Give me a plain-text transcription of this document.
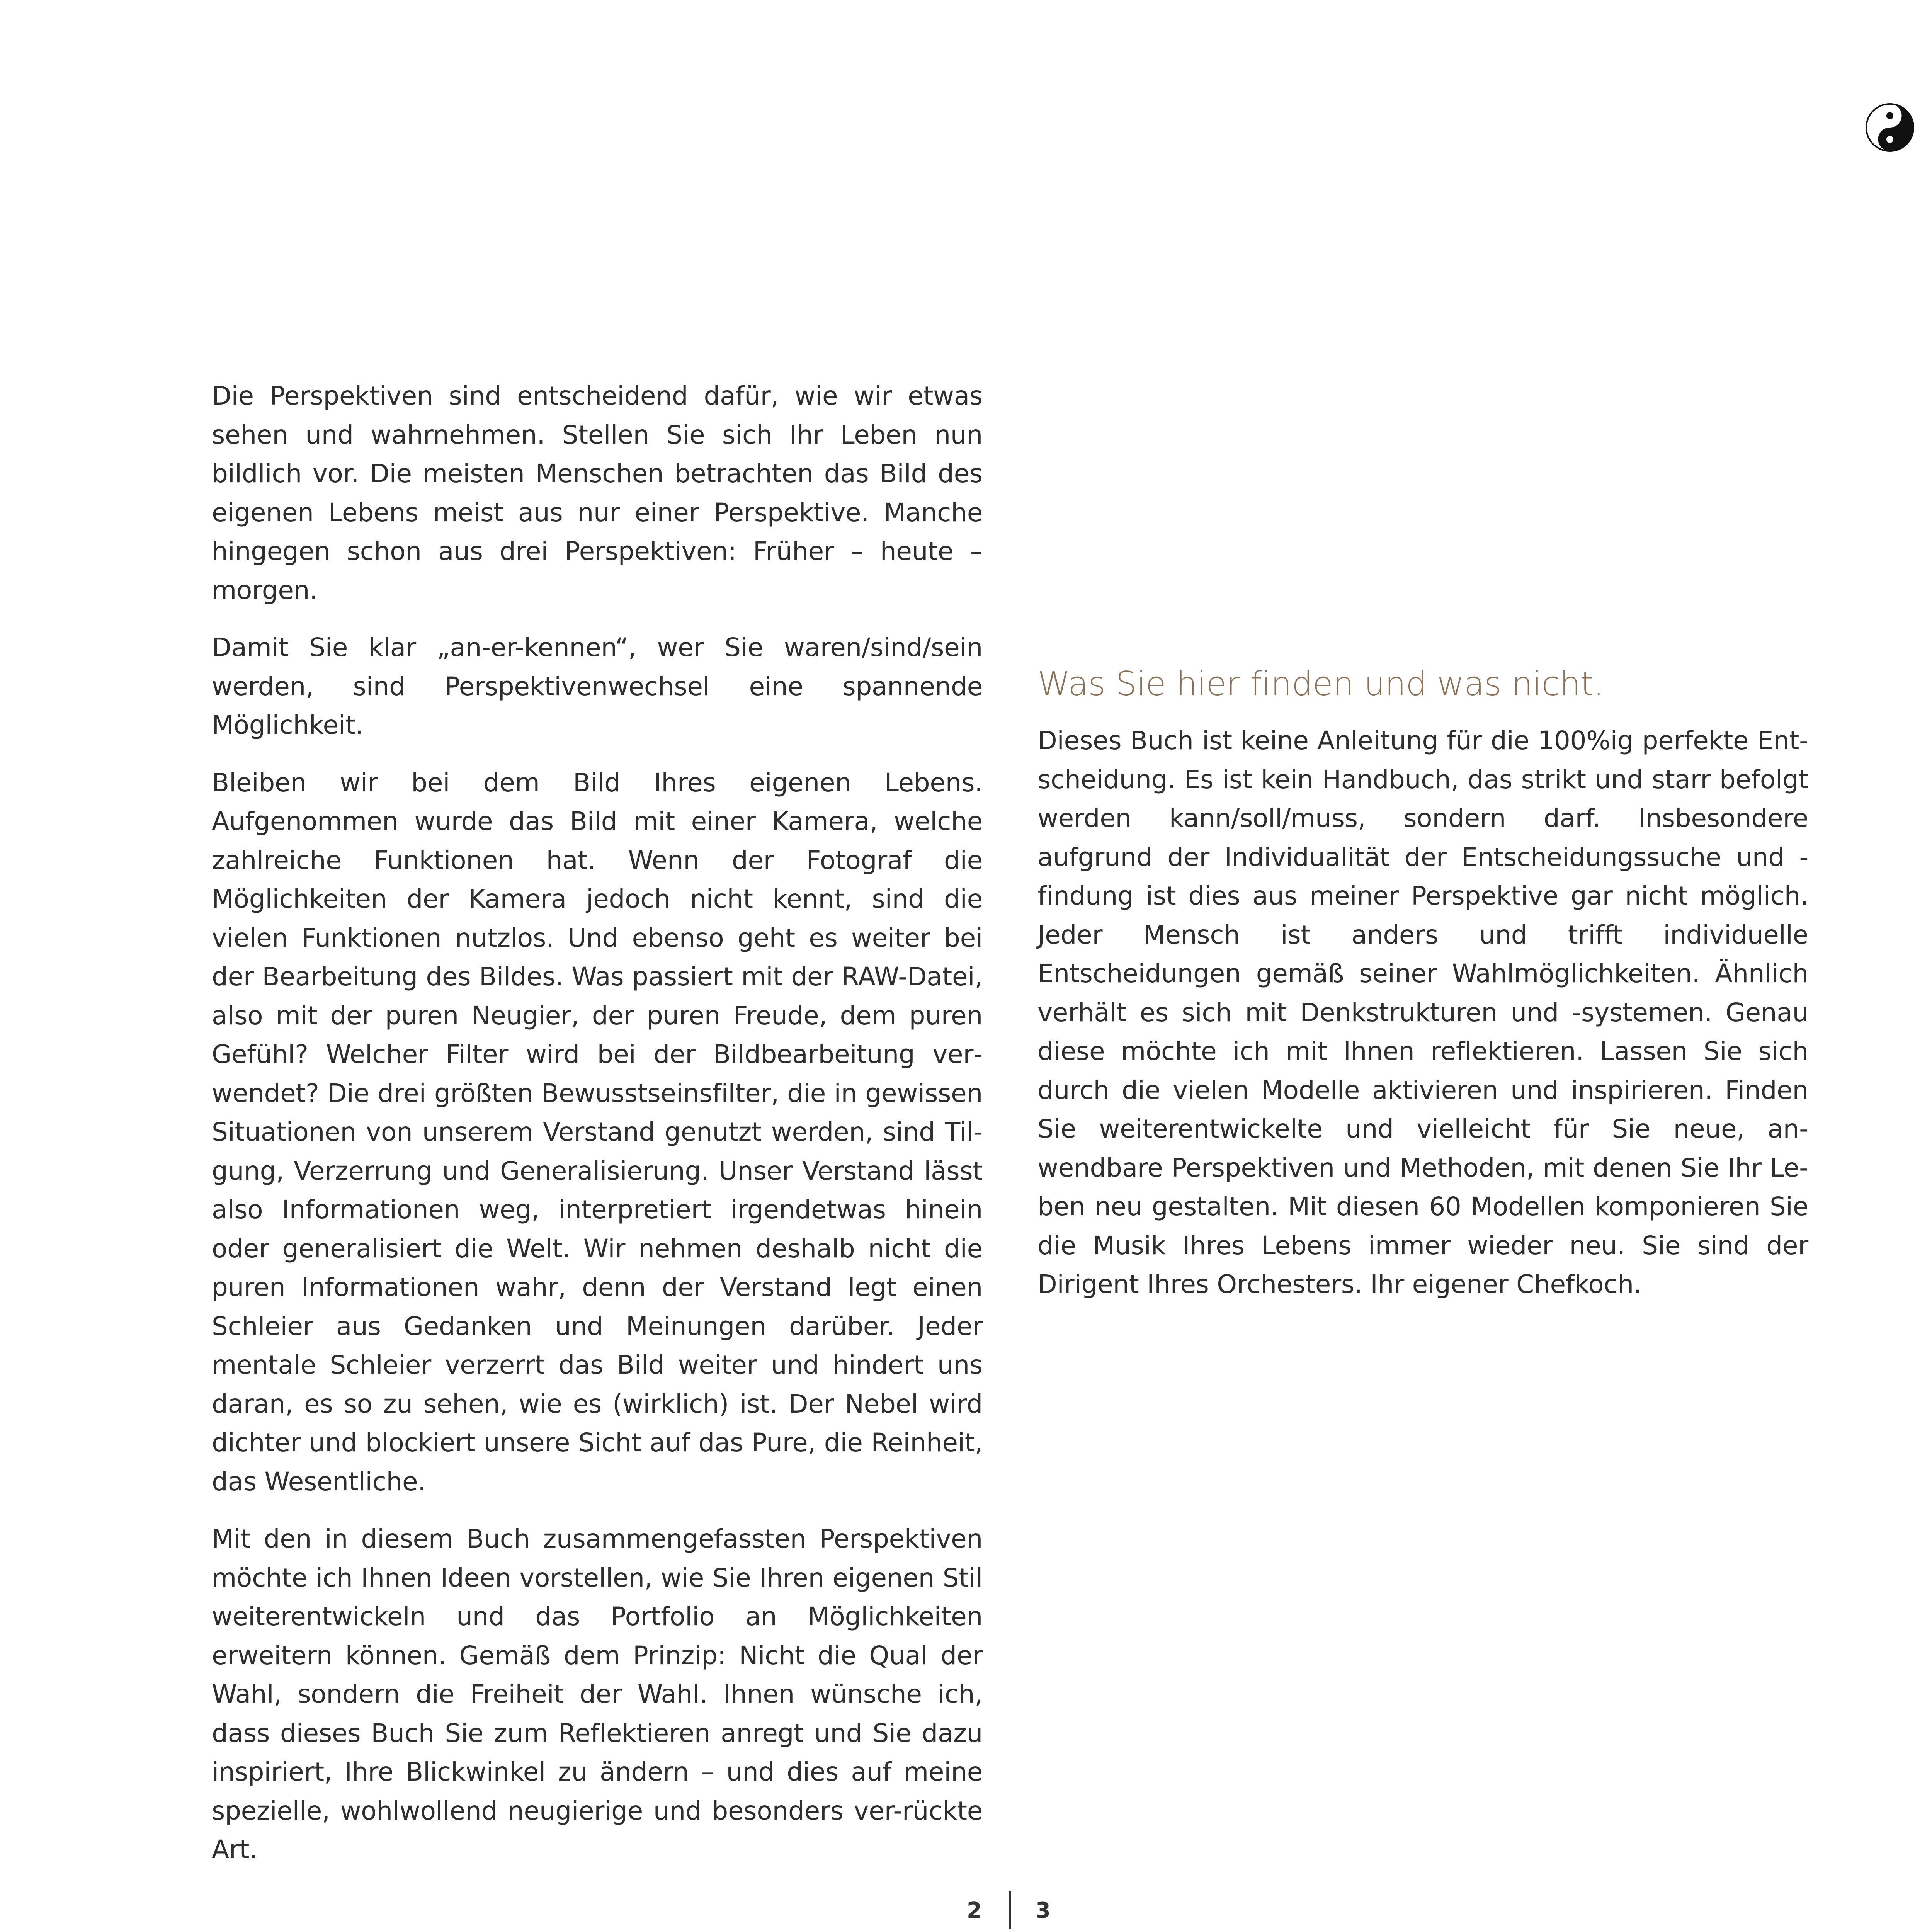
Die Perspektiven sind entscheidend dafür, wie wir etwas sehen und wahrnehmen. Stellen Sie sich Ihr Leben nun bildlich vor. Die meisten Menschen betrachten das Bild des eigenen Lebens meist aus nur einer Perspektive. Manche hingegen schon aus drei Perspektiven: Früher – heute – morgen.

Damit Sie klar „an-er-kennen“, wer Sie waren/sind/sein werden, sind Perspektivenwechsel eine spannende Möglichkeit.

Bleiben wir bei dem Bild Ihres eigenen Lebens. Aufgenommen wurde das Bild mit einer Kamera, welche zahlreiche Funktionen hat. Wenn der Fotograf die Möglichkeiten der Kamera jedoch nicht kennt, sind die vielen Funktionen nutzlos. Und ebenso geht es weiter bei der Bearbeitung des Bildes. Was passiert mit der RAW-Datei, also mit der puren Neugier, der puren Freude, dem puren Gefühl? Welcher Filter wird bei der Bildbearbeitung verwendet? Die drei größten Bewusstseinsfilter, die in gewissen Situationen von unserem Verstand genutzt werden, sind Tilgung, Verzerrung und Generalisierung. Unser Verstand lässt also Informationen weg, interpretiert irgendetwas hinein oder generalisiert die Welt. Wir nehmen deshalb nicht die puren Informationen wahr, denn der Verstand legt einen Schleier aus Gedanken und Meinungen darüber. Jeder mentale Schleier verzerrt das Bild weiter und hindert uns daran, es so zu sehen, wie es (wirklich) ist. Der Nebel wird dichter und blockiert unsere Sicht auf das Pure, die Reinheit, das Wesentliche.

Mit den in diesem Buch zusammengefassten Perspektiven möchte ich Ihnen Ideen vorstellen, wie Sie Ihren eigenen Stil weiterentwickeln und das Portfolio an Möglichkeiten erweitern können. Gemäß dem Prinzip: Nicht die Qual der Wahl, sondern die Freiheit der Wahl. Ihnen wünsche ich, dass dieses Buch Sie zum Reflektieren anregt und Sie dazu inspiriert, Ihre Blickwinkel zu ändern – und dies auf meine spezielle, wohlwollend neugierige und besonders ver-rückte Art.

Was Sie hier finden und was nicht.

Dieses Buch ist keine Anleitung für die 100%ig perfekte Entscheidung. Es ist kein Handbuch, das strikt und starr befolgt werden kann/soll/muss, sondern darf. Insbesondere aufgrund der Individualität der Entscheidungssuche und -findung ist dies aus meiner Perspektive gar nicht möglich. Jeder Mensch ist anders und trifft individuelle Entscheidungen gemäß seiner Wahlmöglichkeiten. Ähnlich verhält es sich mit Denkstrukturen und -systemen. Genau diese möchte ich mit Ihnen reflektieren. Lassen Sie sich durch die vielen Modelle aktivieren und inspirieren. Finden Sie weiterentwickelte und vielleicht für Sie neue, anwendbare Perspektiven und Methoden, mit denen Sie Ihr Leben neu gestalten. Mit diesen 60 Modellen komponieren Sie die Musik Ihres Lebens immer wieder neu. Sie sind der Dirigent Ihres Orchesters. Ihr eigener Chefkoch.

2 3
